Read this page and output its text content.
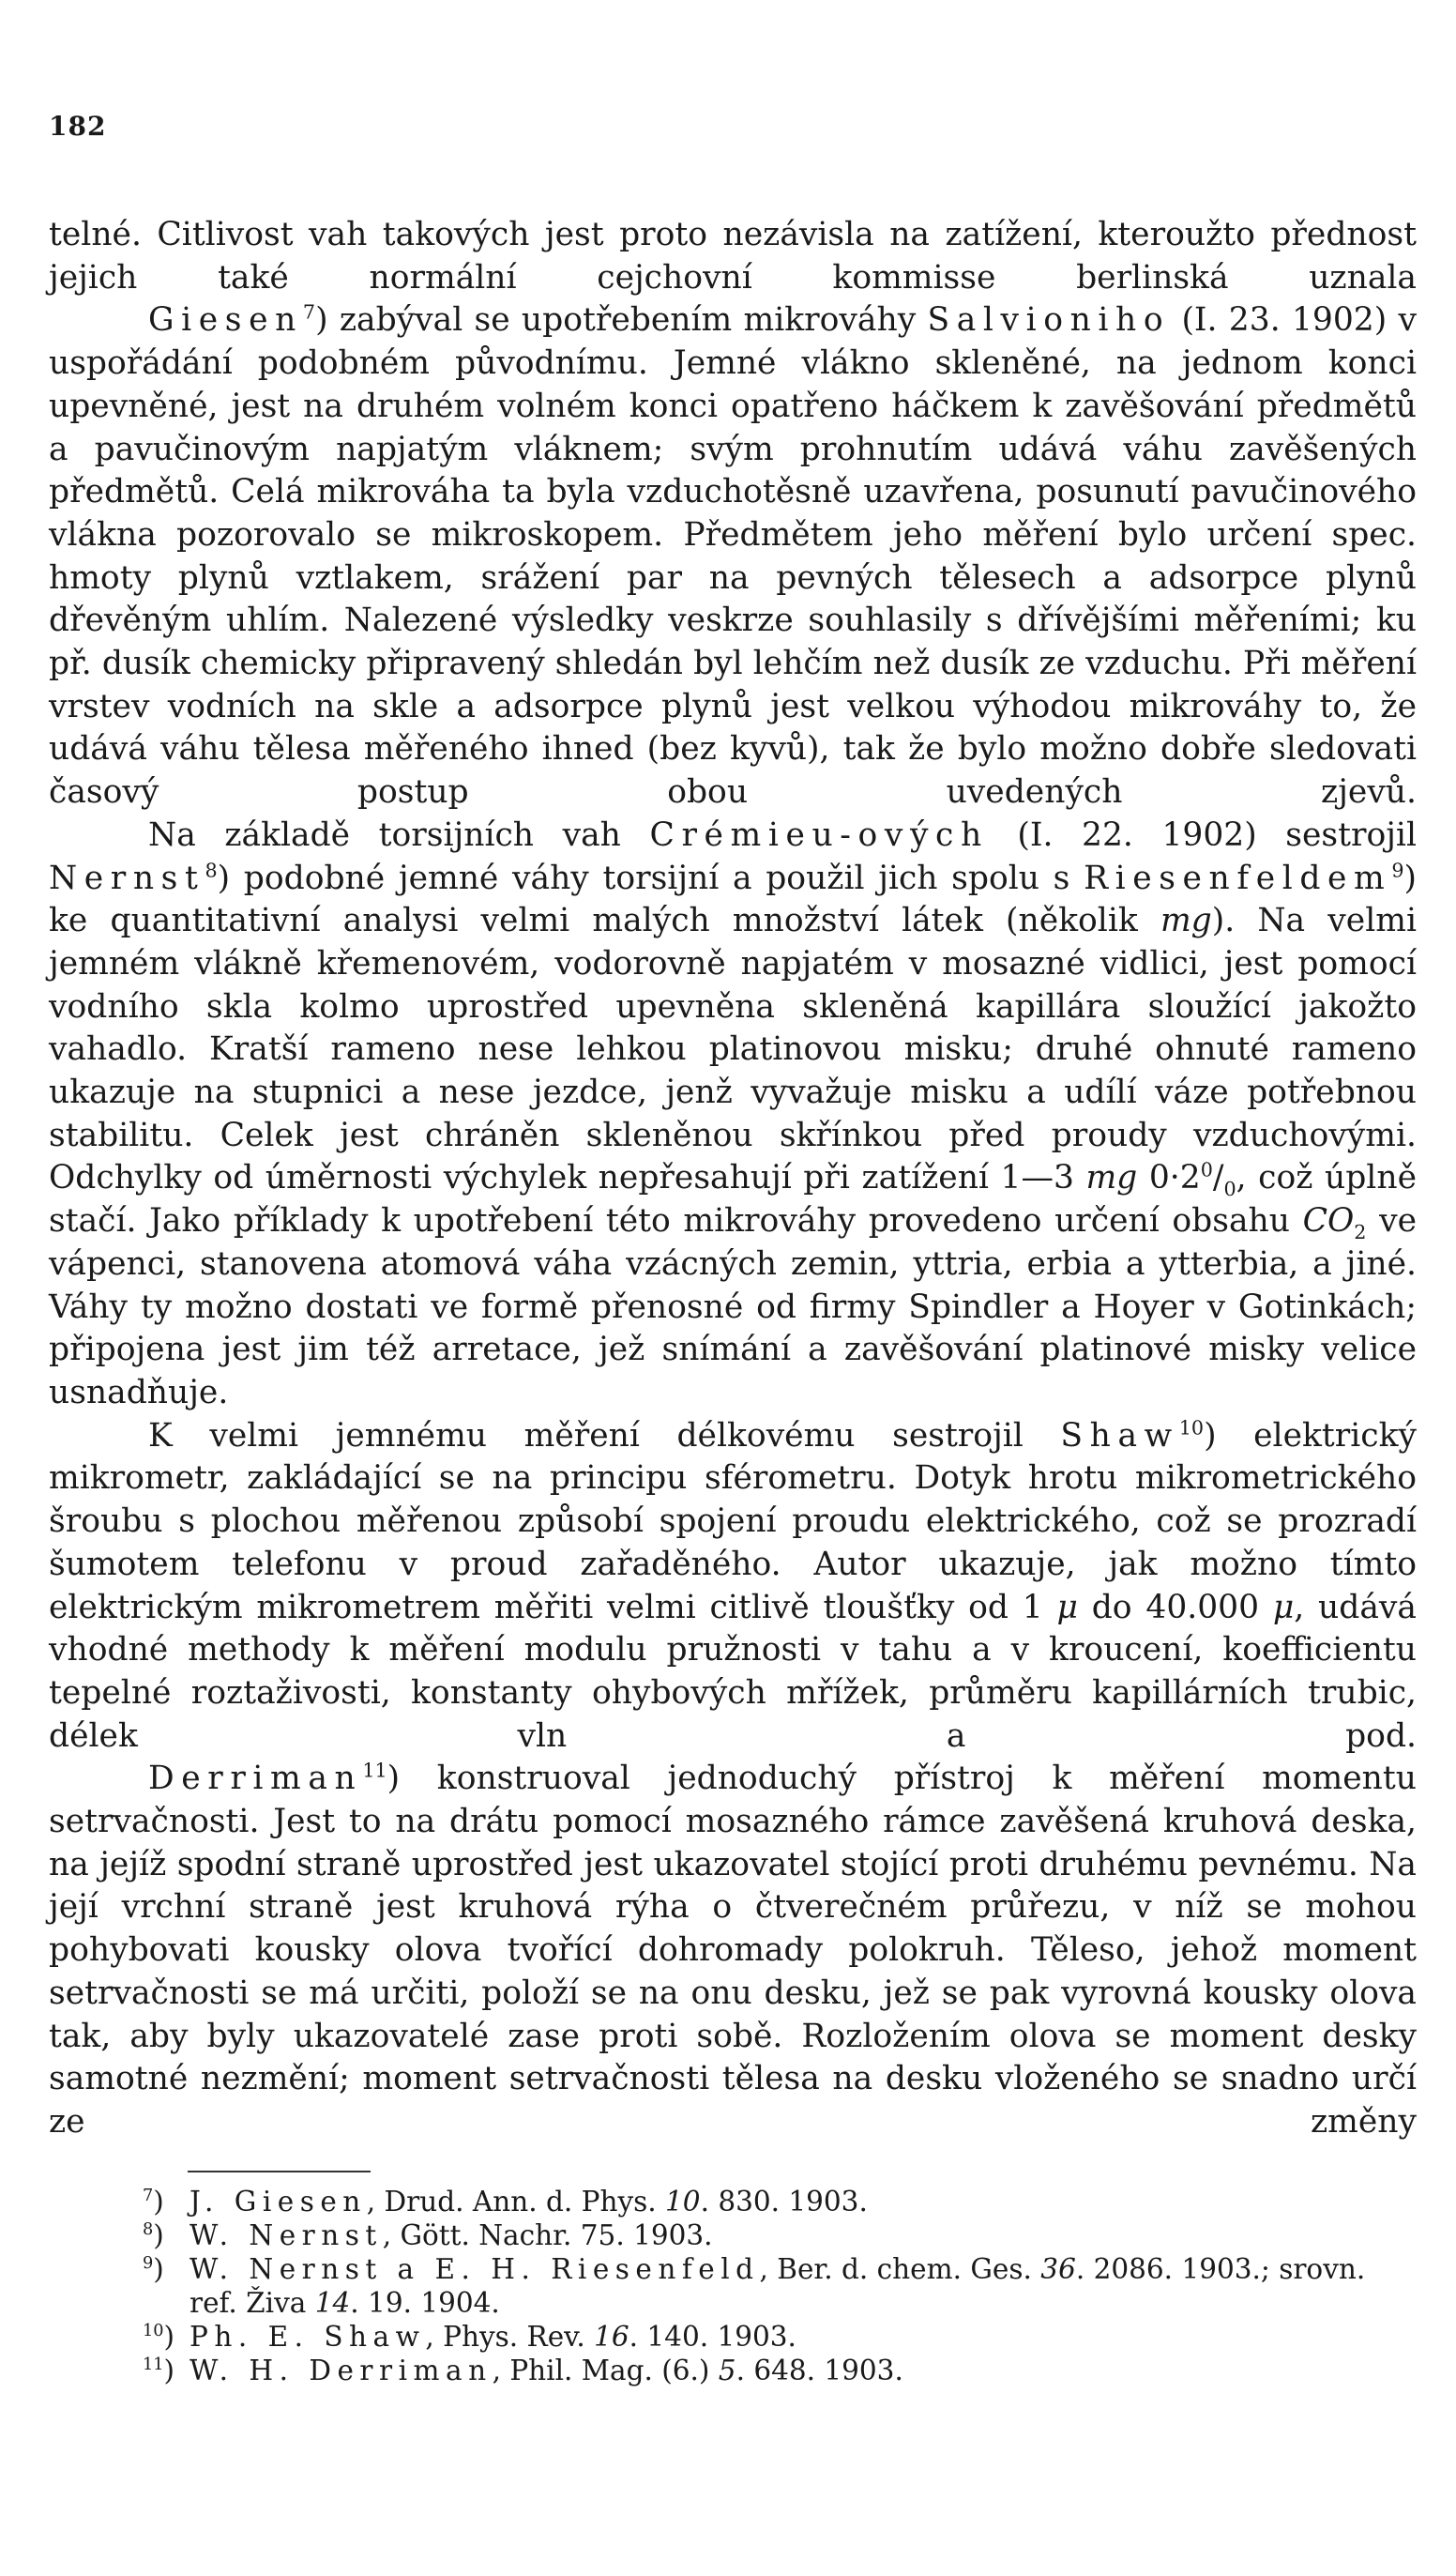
182

telné. Citlivost vah takových jest proto nezávisla na zatížení, kteroužto přednost jejich také normální cejchovní kommisse berlinská uznala

Giesen$^7$) zabýval se upotřebením mikrováhy Salvioniho (I. 23. 1902) v uspořádání podobném původnímu. Jemné vlákno skleněné, na jednom konci upevněné, jest na druhém volném konci opatřeno háčkem k zavěšování předmětů a pavučinovým napjatým vláknem; svým prohnutím udává váhu zavěšených předmětů. Celá mikrováha ta byla vzduchotěsně uzavřena, posunutí pavučinového vlákna pozorovalo se mikroskopem. Předmětem jeho měření bylo určení spec. hmoty plynů vztlakem, srážení par na pevných tělesech a adsorpce plynů dřevěným uhlím. Nalezené výsledky veskrze souhlasily s dřívějšími měřeními; ku př. dusík chemicky připravený shledán byl lehčím než dusík ze vzduchu. Při měření vrstev vodních na skle a adsorpce plynů jest velkou výhodou mikrováhy to, že udává váhu tělesa měřeného ihned (bez kyvů), tak že bylo možno dobře sledovati časový postup obou uvedených zjevů.

Na základě torsijních vah Crémieu-ových (I. 22. 1902) sestrojil Nernst$^8$) podobné jemné váhy torsijní a použil jich spolu s Riesenfeldem$^9$) ke quantitativní analysi velmi malých množství látek (několik mg). Na velmi jemném vlákně křemenovém, vodorovně napjatém v mosazné vidlici, jest pomocí vodního skla kolmo uprostřed upevněna skleněná kapillára sloužící jakožto vahadlo. Kratší rameno nese lehkou platinovou misku; druhé ohnuté rameno ukazuje na stupnici a nese jezdce, jenž vyvažuje misku a udílí váze potřebnou stabilitu. Celek jest chráněn skleněnou skřínkou před proudy vzduchovými. Odchylky od úměrnosti výchylek nepřesahují při zatížení 1—3 mg $0\cdot 2^0/_0$, což úplně stačí. Jako příklady k upotřebení této mikrováhy provedeno určení obsahu $CO_2$ ve vápenci, stanovena atomová váha vzácných zemin, yttria, erbia a ytterbia, a jiné. Váhy ty možno dostati ve formě přenosné od firmy Spindler a Hoyer v Gotinkách; připojena jest jim též arretace, jež snímání a zavěšování platinové misky velice usnadňuje.

K velmi jemnému měření délkovému sestrojil Shaw$^{10}$) elektrický mikrometr, zakládající se na principu sférometru. Dotyk hrotu mikrometrického šroubu s plochou měřenou způsobí spojení proudu elektrického, což se prozradí šumotem telefonu v proud zařaděného. Autor ukazuje, jak možno tímto elektrickým mikrometrem měřiti velmi citlivě tloušťky od 1 μ do 40.000 μ, udává vhodné methody k měření modulu pružnosti v tahu a v kroucení, koefficientu tepelné roztaživosti, konstanty ohybových mřížek, průměru kapillárních trubic, délek vln a pod.

Derriman$^{11}$) konstruoval jednoduchý přístroj k měření momentu setrvačnosti. Jest to na drátu pomocí mosazného rámce zavěšená kruhová deska, na jejíž spodní straně uprostřed jest ukazovatel stojící proti druhému pevnému. Na její vrchní straně jest kruhová rýha o čtverečném průřezu, v níž se mohou pohybovati kousky olova tvořící dohromady polokruh. Těleso, jehož moment setrvačnosti se má určiti, položí se na onu desku, jež se pak vyrovná kousky olova tak, aby byly ukazovatelé zase proti sobě. Rozložením olova se moment desky samotné nezmění; moment setrvačnosti tělesa na desku vloženého se snadno určí ze změny

$^7$) J. Giesen, Drud. Ann. d. Phys. 10. 830. 1903.

$^8$) W. Nernst, Gött. Nachr. 75. 1903.

$^9$) W. Nernst a E. H. Riesenfeld, Ber. d. chem. Ges. 36. 2086. 1903.; srovn. ref. Živa 14. 19. 1904.

$^{10}$) Ph. E. Shaw, Phys. Rev. 16. 140. 1903.

$^{11}$) W. H. Derriman, Phil. Mag. (6.) 5. 648. 1903.
